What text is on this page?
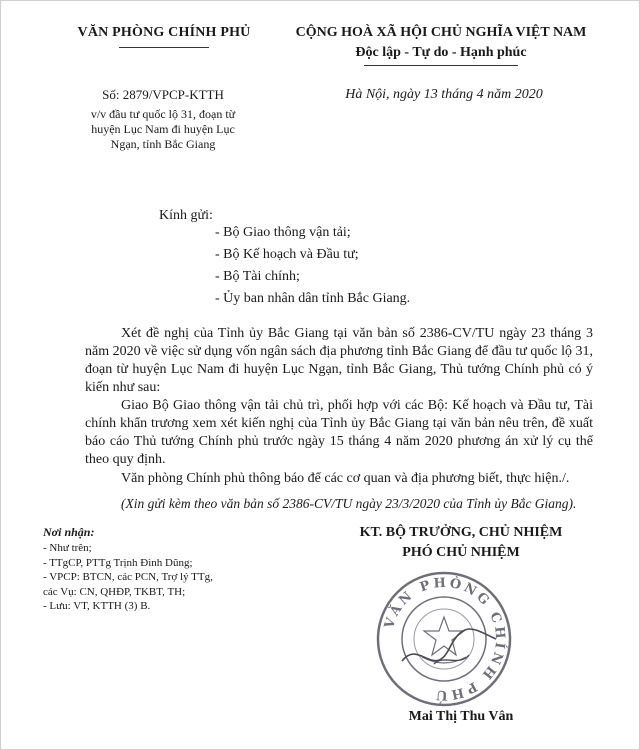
VĂN PHÒNG CHÍNH PHỦ	CỘNG HOÀ XÃ HỘI CHỦ NGHĨA VIỆT NAM
Độc lập - Tự do - Hạnh phúc
Số: 2879/VPCP-KTTH
v/v đầu tư quốc lộ 31, đoạn từ
huyện Lục Nam đi huyện Lục
Ngạn, tỉnh Bắc Giang
Hà Nội, ngày 13 tháng 4 năm 2020
Kính gửi:
- Bộ Giao thông vận tải;
- Bộ Kế hoạch và Đầu tư;
- Bộ Tài chính;
- Ủy ban nhân dân tỉnh Bắc Giang.

Xét đề nghị của Tỉnh ủy Bắc Giang tại văn bản số 2386-CV/TU ngày 23 tháng 3 năm 2020 về việc sử dụng vốn ngân sách địa phương tỉnh Bắc Giang để đầu tư quốc lộ 31, đoạn từ huyện Lục Nam đi huyện Lục Ngạn, tỉnh Bắc Giang, Thủ tướng Chính phủ có ý kiến như sau:

Giao Bộ Giao thông vận tải chủ trì, phối hợp với các Bộ: Kế hoạch và Đầu tư, Tài chính khẩn trương xem xét kiến nghị của Tỉnh ủy Bắc Giang tại văn bản nêu trên, đề xuất báo cáo Thủ tướng Chính phủ trước ngày 15 tháng 4 năm 2020 phương án xử lý cụ thể theo quy định.

Văn phòng Chính phủ thông báo để các cơ quan và địa phương biết, thực hiện./.

(Xin gửi kèm theo văn bản số 2386-CV/TU ngày 23/3/2020 của Tỉnh ủy Bắc Giang).

Nơi nhận:
- Như trên;
- TTgCP, PTTg Trịnh Đình Dũng;
- VPCP: BTCN, các PCN, Trợ lý TTg,
các Vụ: CN, QHĐP, TKBT, TH;
- Lưu: VT, KTTH (3) B.
KT. BỘ TRƯỞNG, CHỦ NHIỆM
PHÓ CHỦ NHIỆM
VĂN PHÒNG CHÍNH PHỦ
Mai Thị Thu Vân
